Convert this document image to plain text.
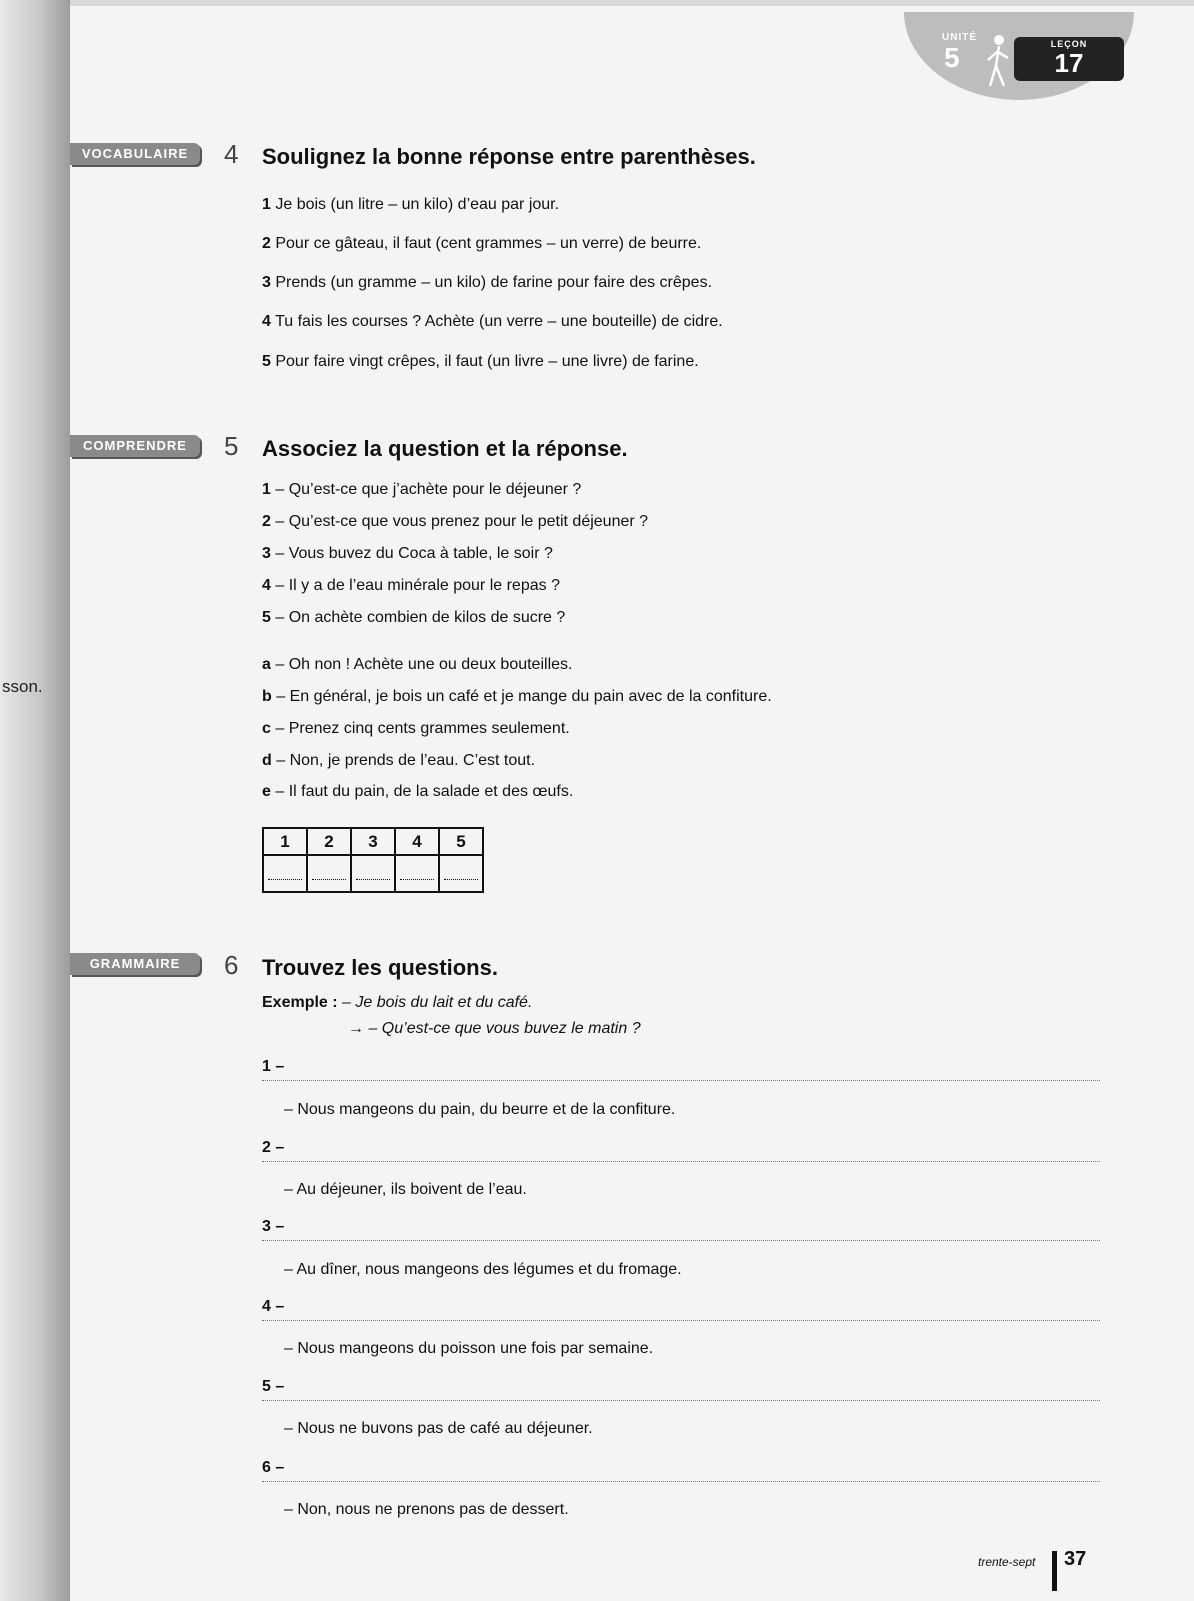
sson.
UNITÉ
5	LEÇON
17
VOCABULAIRE	4 Soulignez la bonne réponse entre parenthèses.
1 Je bois (un litre – un kilo) d’eau par jour.
2 Pour ce gâteau, il faut (cent grammes – un verre) de beurre.
3 Prends (un gramme – un kilo) de farine pour faire des crêpes.
4 Tu fais les courses ? Achète (un verre – une bouteille) de cidre.
5 Pour faire vingt crêpes, il faut (un livre – une livre) de farine.
COMPRENDRE	5 Associez la question et la réponse.
1 – Qu’est-ce que j’achète pour le déjeuner ?
2 – Qu’est-ce que vous prenez pour le petit déjeuner ?
3 – Vous buvez du Coca à table, le soir ?
4 – Il y a de l’eau minérale pour le repas ?
5 – On achète combien de kilos de sucre ?
a – Oh non ! Achète une ou deux bouteilles.
b – En général, je bois un café et je mange du pain avec de la confiture.
c – Prenez cinq cents grammes seulement.
d – Non, je prends de l’eau. C’est tout.
e – Il faut du pain, de la salade et des œufs.
1	2	3	4	5

GRAMMAIRE	6 Trouvez les questions.
Exemple : – Je bois du lait et du café.
→ – Qu’est-ce que vous buvez le matin ?
1 –
– Nous mangeons du pain, du beurre et de la confiture.
2 –
– Au déjeuner, ils boivent de l’eau.
3 –
– Au dîner, nous mangeons des légumes et du fromage.
4 –
– Nous mangeons du poisson une fois par semaine.
5 –
– Nous ne buvons pas de café au déjeuner.
6 –
– Non, nous ne prenons pas de dessert.
trente-sept 37
